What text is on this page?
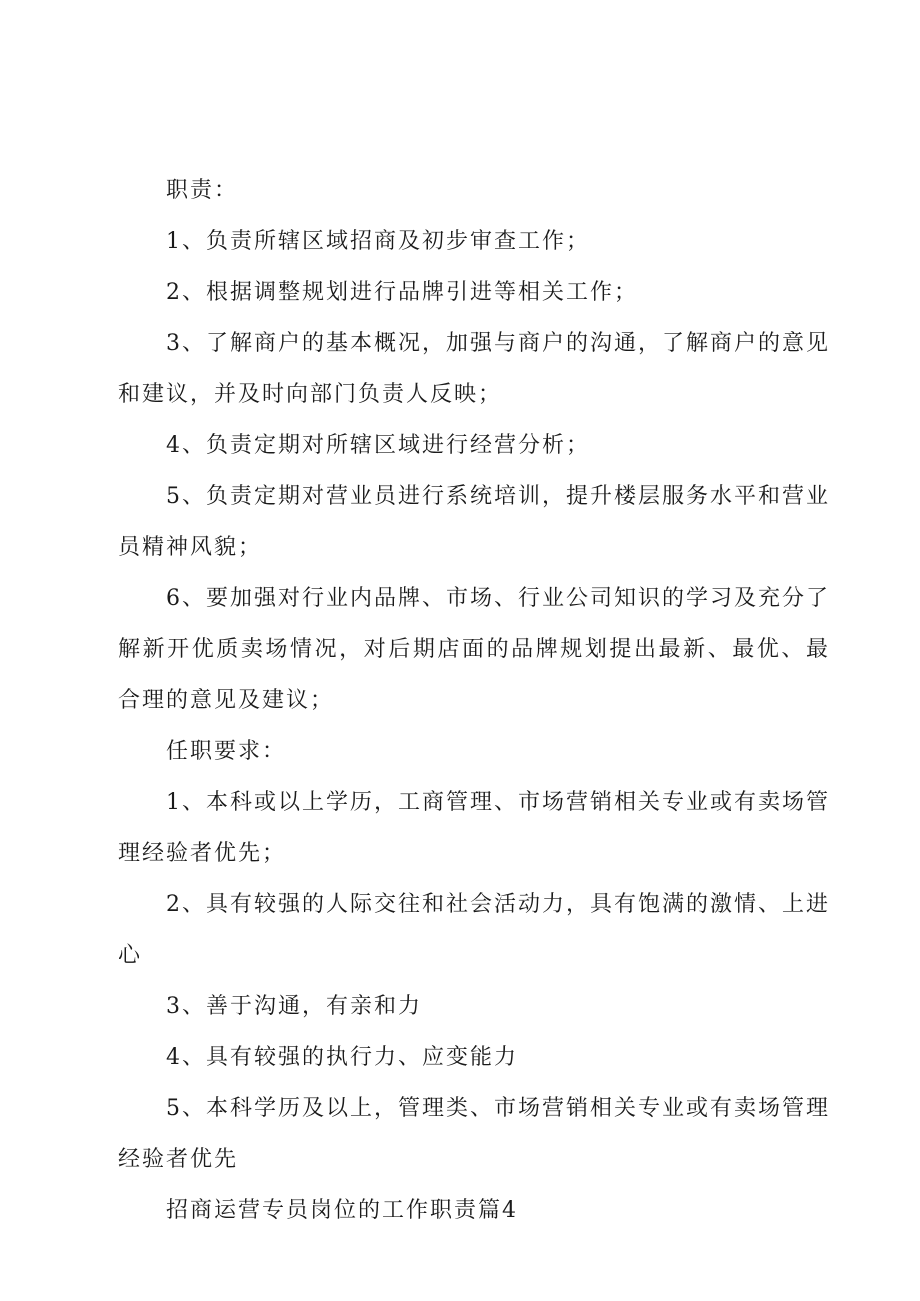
职责：

1、负责所辖区域招商及初步审查工作；

2、根据调整规划进行品牌引进等相关工作；

3、了解商户的基本概况，加强与商户的沟通，了解商户的意见和建议，并及时向部门负责人反映；

4、负责定期对所辖区域进行经营分析；

5、负责定期对营业员进行系统培训，提升楼层服务水平和营业员精神风貌；

6、要加强对行业内品牌、市场、行业公司知识的学习及充分了解新开优质卖场情况，对后期店面的品牌规划提出最新、最优、最合理的意见及建议；

任职要求：

1、本科或以上学历，工商管理、市场营销相关专业或有卖场管理经验者优先；

2、具有较强的人际交往和社会活动力，具有饱满的激情、上进心

3、善于沟通，有亲和力

4、具有较强的执行力、应变能力

5、本科学历及以上，管理类、市场营销相关专业或有卖场管理经验者优先

招商运营专员岗位的工作职责篇4
